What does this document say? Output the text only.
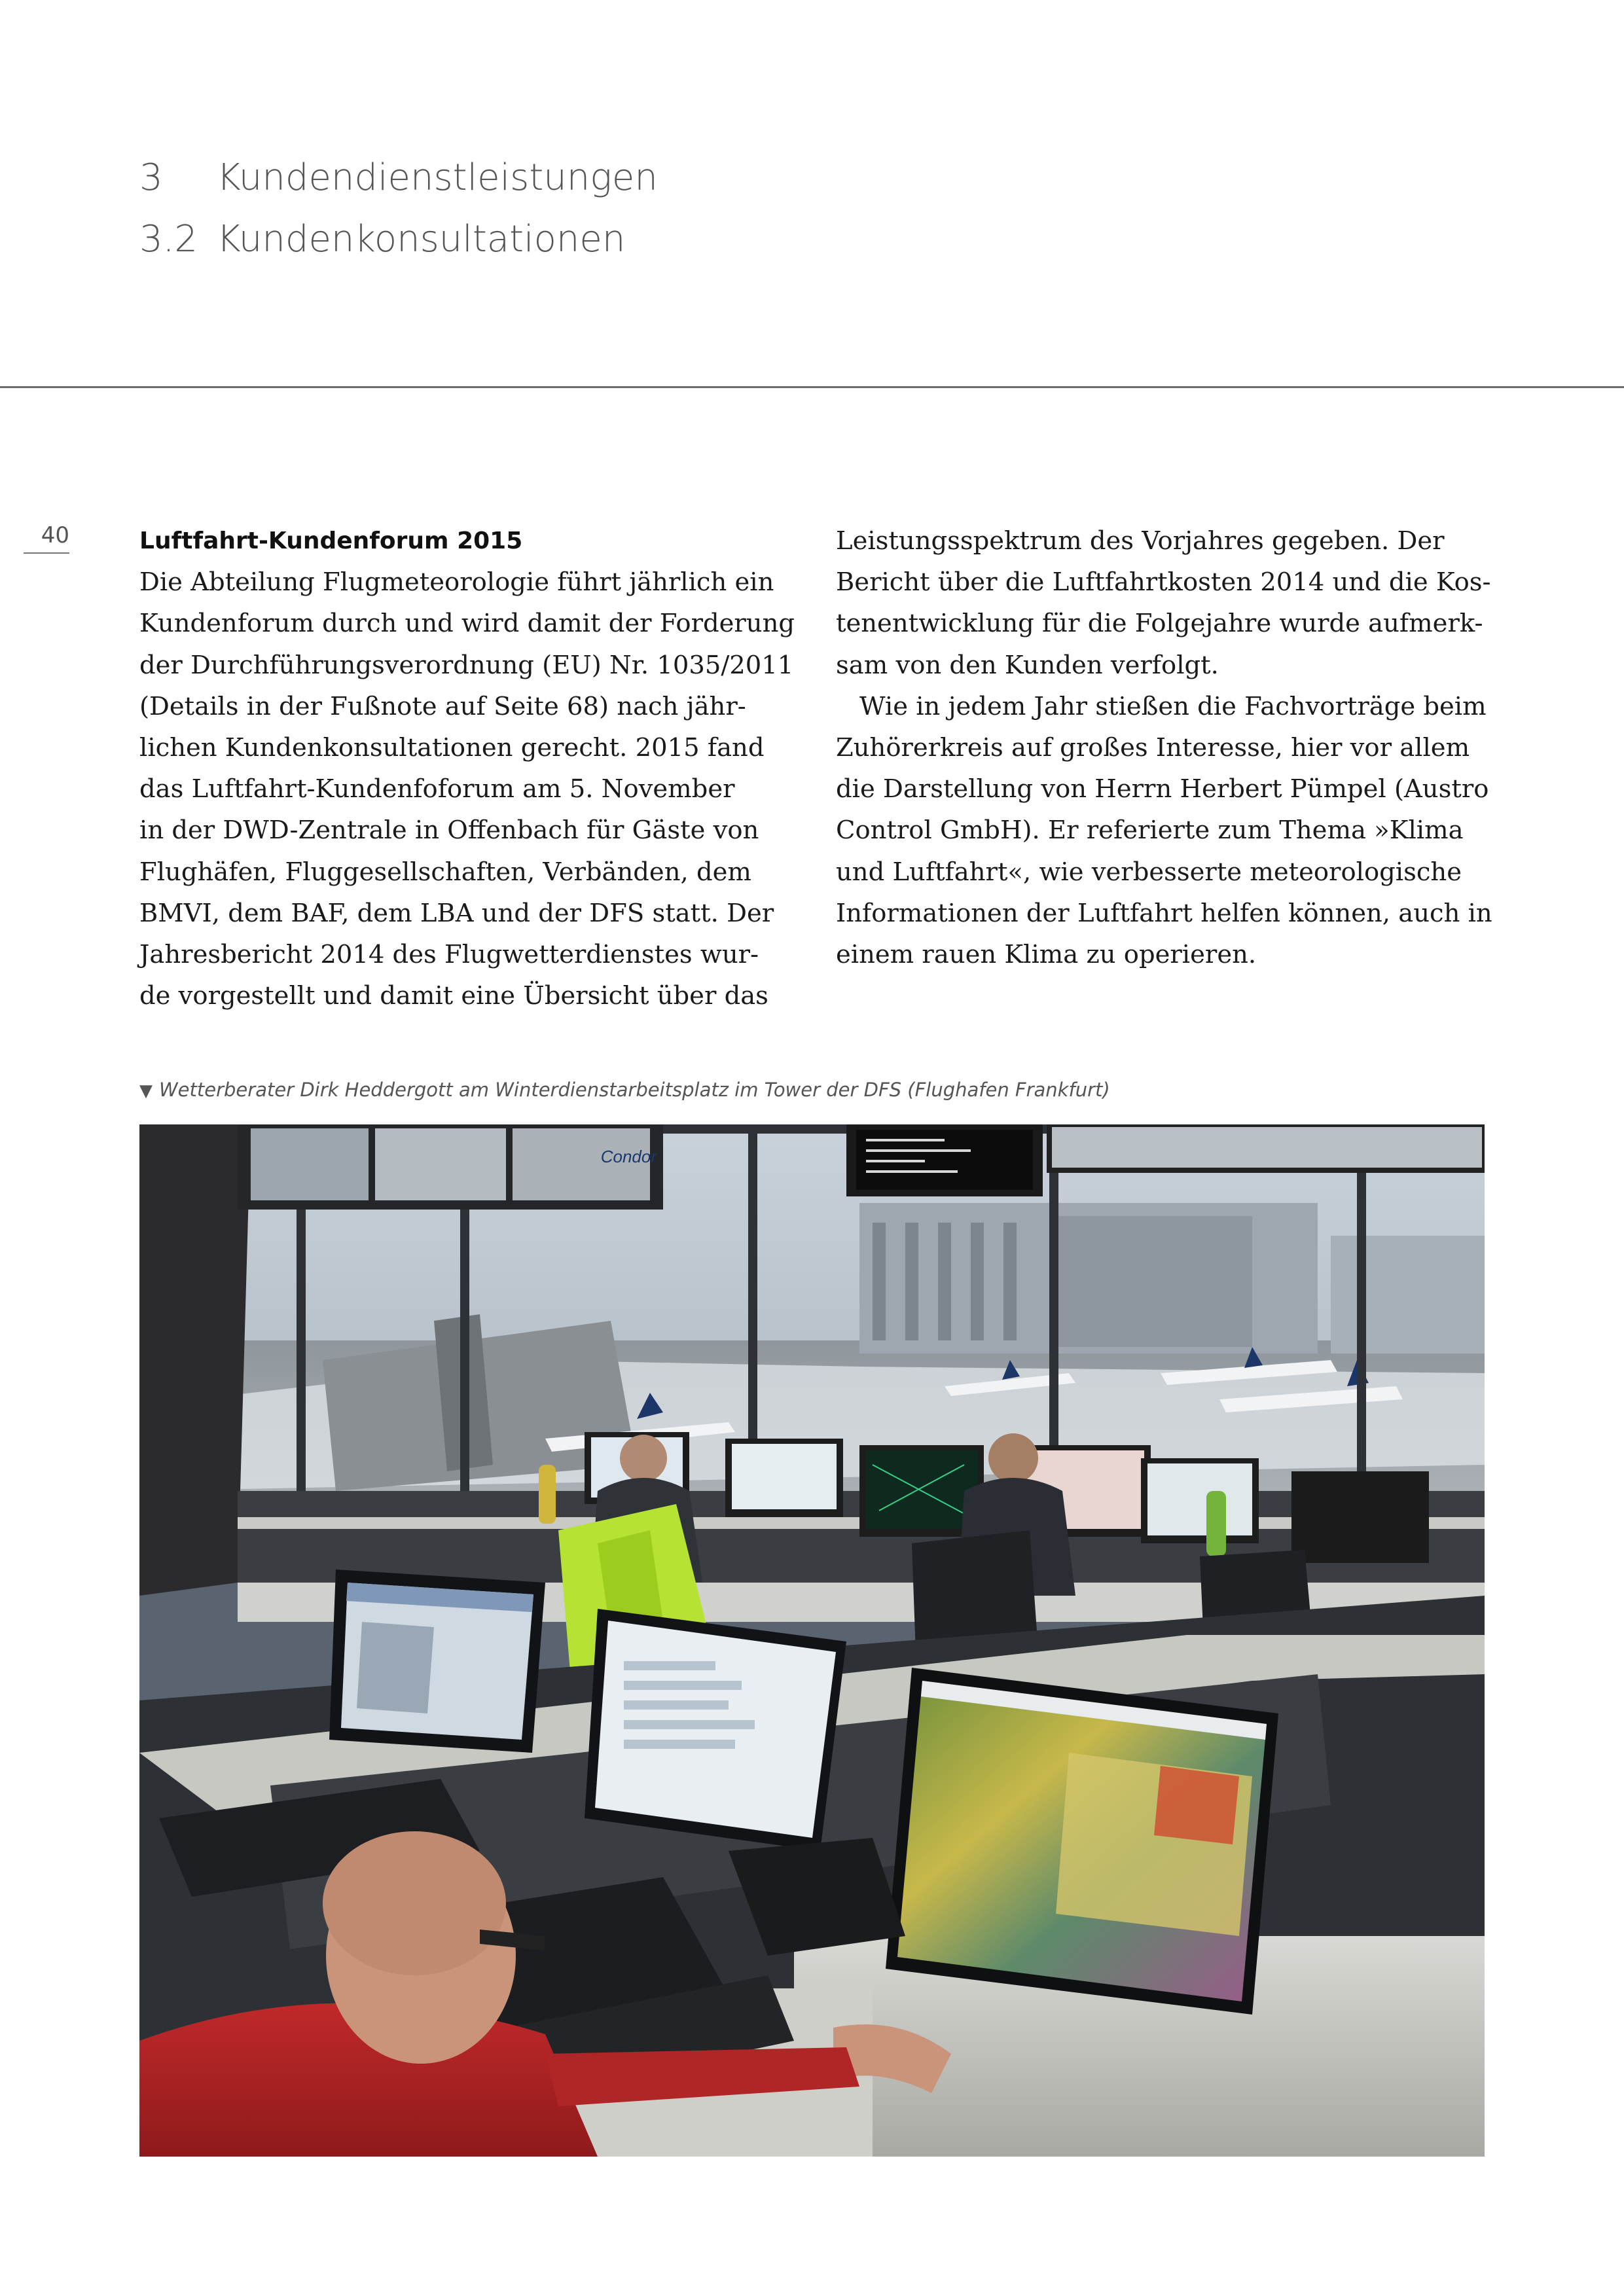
3	Kundendienstleistungen
3.2 Kundenkonsultationen
40	Luftfahrt-Kundenforum 2015
Die Abteilung Flugmeteorologie führt jährlich ein
Kundenforum durch und wird damit der Forderung
der Durchführungsverordnung (EU) Nr. 1035/2011
(Details in der Fußnote auf Seite 68) nach jähr-
lichen Kundenkonsultationen gerecht. 2015 fand
das Luftfahrt-Kundenfoforum am 5. November
in der DWD-Zentrale in Offenbach für Gäste von
Flughäfen, Fluggesellschaften, Verbänden, dem
BMVI, dem BAF, dem LBA und der DFS statt. Der
Jahresbericht 2014 des Flugwetterdienstes wur-
de vorgestellt und damit eine Übersicht über das
Leistungsspektrum des Vorjahres gegeben. Der
Bericht über die Luftfahrtkosten 2014 und die Kos-
tenentwicklung für die Folgejahre wurde aufmerk-
sam von den Kunden verfolgt.
Wie in jedem Jahr stießen die Fachvorträge beim
Zuhörerkreis auf großes Interesse, hier vor allem
die Darstellung von Herrn Herbert Pümpel (Austro
Control GmbH). Er referierte zum Thema »Klima
und Luftfahrt«, wie verbesserte meteorologische
Informationen der Luftfahrt helfen können, auch in
einem rauen Klima zu operieren.
▼ Wetterberater Dirk Heddergott am Winterdienstarbeitsplatz im Tower der DFS (Flughafen Frankfurt)
Condor
